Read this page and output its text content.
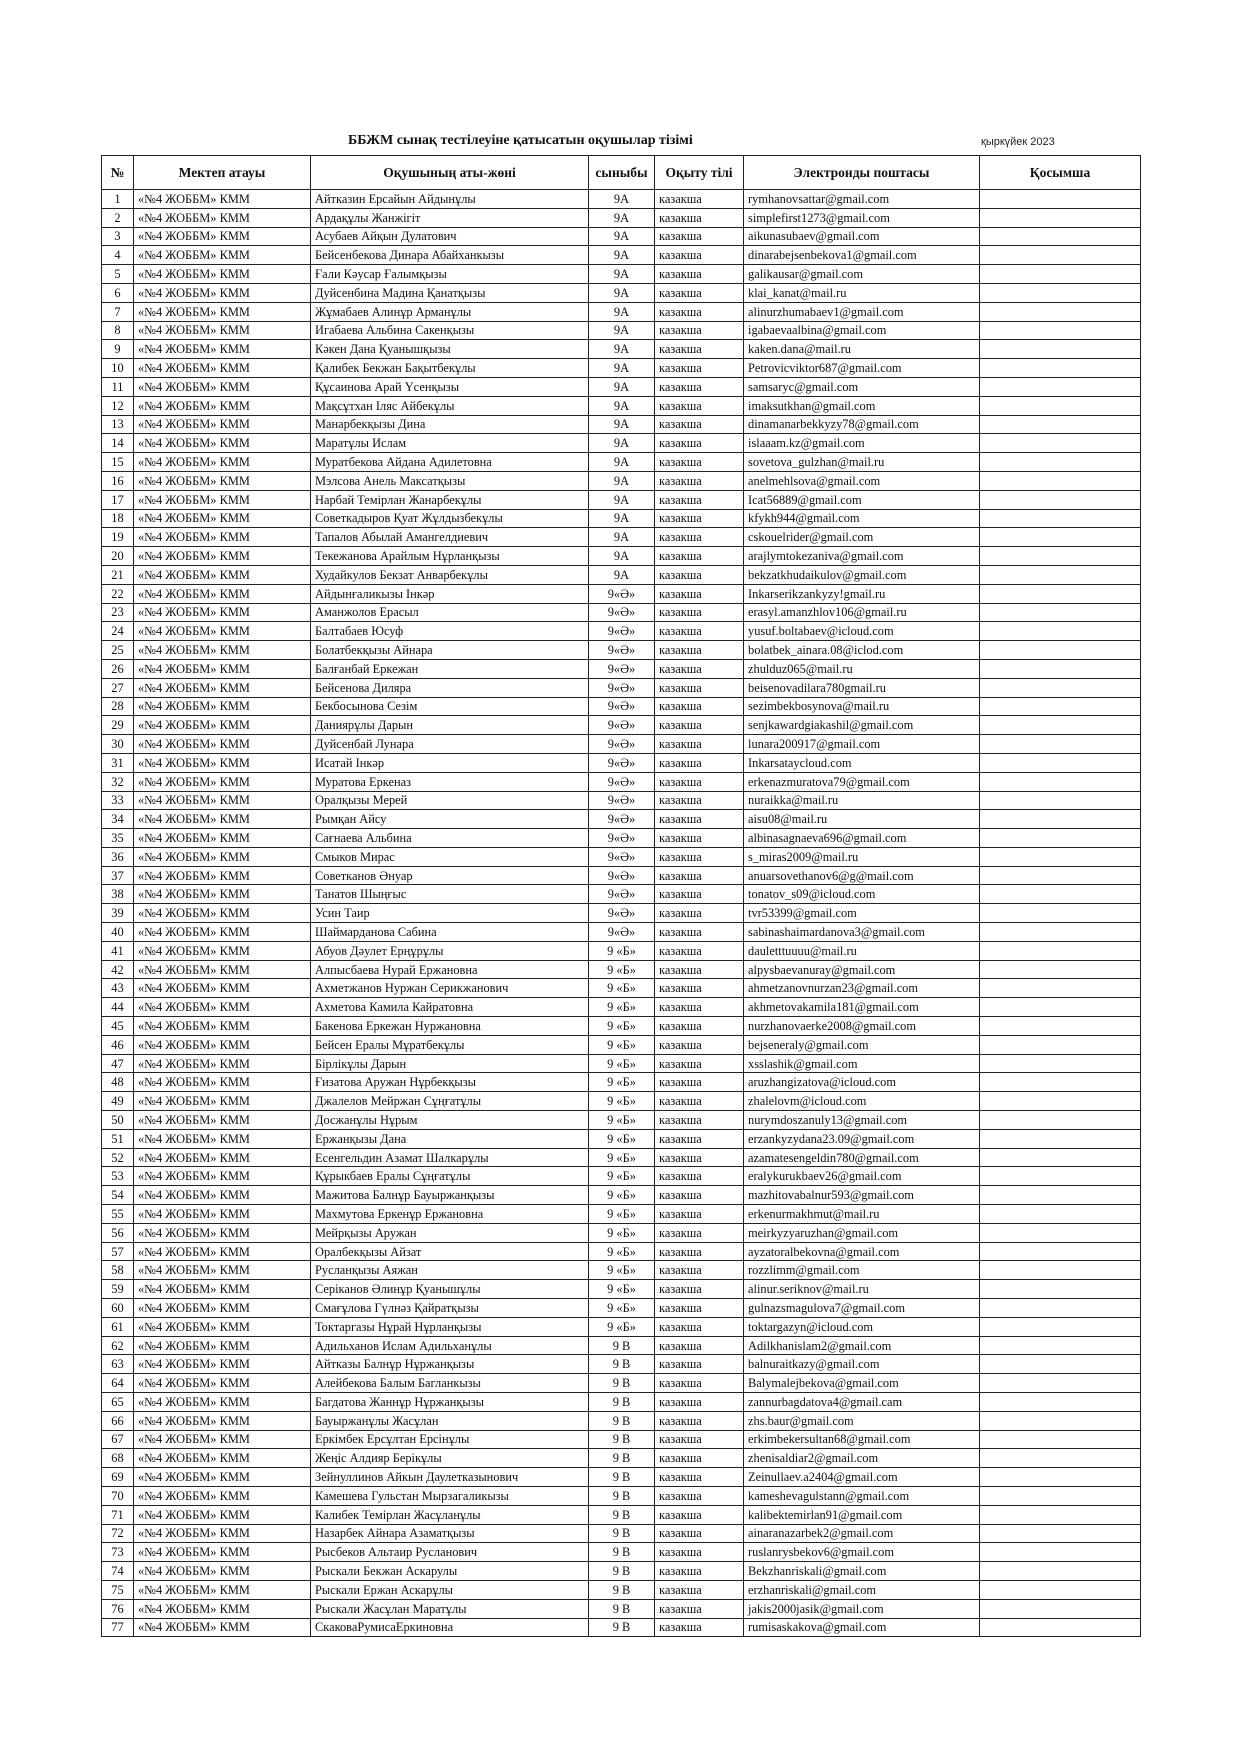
ББЖМ сынақ тестілеуіне қатысатын оқушылар тізімі	қыркүйек 2023
№	Мектеп атауы	Оқушының аты-жөні	сыныбы	Оқыту тілі	Электронды поштасы	Қосымша
1	«№4 ЖОББМ» КММ	Айтказин Ерсайын Айдынұлы	9А	казакша	rymhanovsattar@gmail.com	
2	«№4 ЖОББМ» КММ	Ардақұлы Жанжігіт	9А	казакша	simplefirst1273@gmail.com	
3	«№4 ЖОББМ» КММ	Асубаев Айқын Дулатович	9А	казакша	aikunasubaev@gmail.com	
4	«№4 ЖОББМ» КММ	Бейсенбекова Динара Абайханкызы	9А	казакша	dinarabejsenbekova1@gmail.com	
5	«№4 ЖОББМ» КММ	Ғали Кәусар Ғалымқызы	9А	казакша	galikausar@gmail.com	
6	«№4 ЖОББМ» КММ	Дуйсенбина Мадина Қанатқызы	9А	казакша	klai_kanat@mail.ru	
7	«№4 ЖОББМ» КММ	Жұмабаев Алинұр Арманұлы	9А	казакша	alinurzhumabaev1@gmail.com	
8	«№4 ЖОББМ» КММ	Игабаева Альбина Сакенқызы	9А	казакша	igabaevaalbina@gmail.com	
9	«№4 ЖОББМ» КММ	Кәкен Дана Қуанышқызы	9А	казакша	kaken.dana@mail.ru	
10	«№4 ЖОББМ» КММ	Қалибек Бекжан Бақытбекұлы	9А	казакша	Petrovicviktor687@gmail.com	
11	«№4 ЖОББМ» КММ	Құсаинова Арай Үсенқызы	9А	казакша	samsaryc@gmail.com	
12	«№4 ЖОББМ» КММ	Мақсұтхан Іляс Айбекұлы	9А	казакша	imaksutkhan@gmail.com	
13	«№4 ЖОББМ» КММ	Манарбекқызы Дина	9А	казакша	dinamanarbekkyzy78@gmail.com	
14	«№4 ЖОББМ» КММ	Маратұлы Ислам	9А	казакша	islaaam.kz@gmail.com	
15	«№4 ЖОББМ» КММ	Муратбекова Айдана Адилетовна	9А	казакша	sovetova_gulzhan@mail.ru	
16	«№4 ЖОББМ» КММ	Мэлсова Анель Максатқызы	9А	казакша	anelmehlsova@gmail.com	
17	«№4 ЖОББМ» КММ	Нарбай Темірлан Жанарбекұлы	9А	казакша	Icat56889@gmail.com	
18	«№4 ЖОББМ» КММ	Советкадыров Қуат Жұлдызбекұлы	9А	казакша	kfykh944@gmail.com	
19	«№4 ЖОББМ» КММ	Тапалов Абылай Амангелдиевич	9А	казакша	cskouelrider@gmail.com	
20	«№4 ЖОББМ» КММ	Текежанова Арайлым Нұрланқызы	9А	казакша	arajlymtokezaniva@gmail.com	
21	«№4 ЖОББМ» КММ	Худайкулов Бекзат Анварбекұлы	9А	казакша	bekzatkhudaikulov@gmail.com	
22	«№4 ЖОББМ» КММ	Айдынғаликызы Інкәр	9«Ә»	казакша	Inkarserikzankyzy!gmail.ru	
23	«№4 ЖОББМ» КММ	Аманжолов Ерасыл	9«Ә»	казакша	erasyl.amanzhlov106@gmail.ru	
24	«№4 ЖОББМ» КММ	Балтабаев Юсуф	9«Ә»	казакша	yusuf.boltabaev@icloud.com	
25	«№4 ЖОББМ» КММ	Болатбекқызы Айнара	9«Ә»	казакша	bolatbek_ainara.08@iclod.com	
26	«№4 ЖОББМ» КММ	Балғанбай Еркежан	9«Ә»	казакша	zhulduz065@mail.ru	
27	«№4 ЖОББМ» КММ	Бейсенова Диляра	9«Ә»	казакша	beisenovadilara780gmail.ru	
28	«№4 ЖОББМ» КММ	Бекбосынова Сезім	9«Ә»	казакша	sezimbekbosynova@mail.ru	
29	«№4 ЖОББМ» КММ	Даниярұлы Дарын	9«Ә»	казакша	senjkawardgiakashil@gmail.com	
30	«№4 ЖОББМ» КММ	Дуйсенбай Лунара	9«Ә»	казакша	lunara200917@gmail.com	
31	«№4 ЖОББМ» КММ	Исатай Інкәр	9«Ә»	казакша	Inkarsataycloud.com	
32	«№4 ЖОББМ» КММ	Муратова Еркеназ	9«Ә»	казакша	erkenazmuratova79@gmail.com	
33	«№4 ЖОББМ» КММ	Оралқызы Мерей	9«Ә»	казакша	nuraikka@mail.ru	
34	«№4 ЖОББМ» КММ	Рымқан Айсу	9«Ә»	казакша	aisu08@mail.ru	
35	«№4 ЖОББМ» КММ	Сағнаева Альбина	9«Ә»	казакша	albinasagnaeva696@gmail.com	
36	«№4 ЖОББМ» КММ	Смыков Мирас	9«Ә»	казакша	s_miras2009@mail.ru	
37	«№4 ЖОББМ» КММ	Советканов Әнуар	9«Ә»	казакша	anuarsovethanov6@g@mail.com	
38	«№4 ЖОББМ» КММ	Танатов Шыңғыс	9«Ә»	казакша	tonatov_s09@icloud.com	
39	«№4 ЖОББМ» КММ	Усин Таир	9«Ә»	казакша	tvr53399@gmail.com	
40	«№4 ЖОББМ» КММ	Шаймарданова Сабина	9«Ә»	казакша	sabinashaimardanova3@gmail.com	
41	«№4 ЖОББМ» КММ	Абуов Дәулет Ерңұрұлы	9 «Б»	казакша	dauletttuuuu@mail.ru	
42	«№4 ЖОББМ» КММ	Алпысбаева Нурай Ержановна	9 «Б»	казакша	alpysbaevanuray@gmail.com	
43	«№4 ЖОББМ» КММ	Ахметжанов Нуржан Серикжанович	9 «Б»	казакша	ahmetzanovnurzan23@gmail.com	
44	«№4 ЖОББМ» КММ	Ахметова Камила Кайратовна	9 «Б»	казакша	akhmetovakamila181@gmail.com	
45	«№4 ЖОББМ» КММ	Бакенова Еркежан Нуржановна	9 «Б»	казакша	nurzhanovaerke2008@gmail.com	
46	«№4 ЖОББМ» КММ	Бейсен Ералы Мұратбекұлы	9 «Б»	казакша	bejseneraly@gmail.com	
47	«№4 ЖОББМ» КММ	Бірлікұлы Дарын	9 «Б»	казакша	xsslashik@gmail.com	
48	«№4 ЖОББМ» КММ	Ғизатова Аружан Нұрбекқызы	9 «Б»	казакша	aruzhangizatova@icloud.com	
49	«№4 ЖОББМ» КММ	Джалелов Мейржан Сұңғатұлы	9 «Б»	казакша	zhalelovm@icloud.com	
50	«№4 ЖОББМ» КММ	Досжанұлы Нұрым	9 «Б»	казакша	nurymdoszanuly13@gmail.com	
51	«№4 ЖОББМ» КММ	Ержанқызы Дана	9 «Б»	казакша	erzankyzydana23.09@gmail.com	
52	«№4 ЖОББМ» КММ	Есенгельдин Азамат Шалкарұлы	9 «Б»	казакша	azamatesengeldin780@gmail.com	
53	«№4 ЖОББМ» КММ	Құрыкбаев Ералы Сұңғатұлы	9 «Б»	казакша	eralykurukbaev26@gmail.com	
54	«№4 ЖОББМ» КММ	Мажитова Балнұр Бауыржанқызы	9 «Б»	казакша	mazhitovabalnur593@gmail.com	
55	«№4 ЖОББМ» КММ	Махмутова Еркенұр Ержановна	9 «Б»	казакша	erkenurmakhmut@mail.ru	
56	«№4 ЖОББМ» КММ	Мейрқызы Аружан	9 «Б»	казакша	meirkyzyaruzhan@gmail.com	
57	«№4 ЖОББМ» КММ	Оралбекқызы Айзат	9 «Б»	казакша	ayzatoralbekovna@gmail.com	
58	«№4 ЖОББМ» КММ	Русланқызы Аяжан	9 «Б»	казакша	rozzlimm@gmail.com	
59	«№4 ЖОББМ» КММ	Серіканов Әлинұр Қуанышұлы	9 «Б»	казакша	alinur.seriknov@mail.ru	
60	«№4 ЖОББМ» КММ	Смағұлова Гүлнәз Қайратқызы	9 «Б»	казакша	gulnazsmagulova7@gmail.com	
61	«№4 ЖОББМ» КММ	Токтаргазы Нұрай Нұрланқызы	9 «Б»	казакша	toktargazyn@icloud.com	
62	«№4 ЖОББМ» КММ	Адильханов Ислам Адильханұлы	9 В	казакша	Adilkhanislam2@gmail.com	
63	«№4 ЖОББМ» КММ	Айтказы Балнұр Нұржанқызы	9 В	казакша	balnuraitkazy@gmail.com	
64	«№4 ЖОББМ» КММ	Алейбекова Балым Багланкызы	9 В	казакша	Balymalejbekova@gmail.com	
65	«№4 ЖОББМ» КММ	Багдатова Жаннұр Нұржанқызы	9 В	казакша	zannurbagdatova4@gmail.cam	
66	«№4 ЖОББМ» КММ	Бауыржанұлы Жасұлан	9 В	казакша	zhs.baur@gmail.com	
67	«№4 ЖОББМ» КММ	Еркімбек Ерсұлтан Ерсінұлы	9 В	казакша	erkimbekersultan68@gmail.com	
68	«№4 ЖОББМ» КММ	Жеңіс Алдияр Берікұлы	9 В	казакша	zhenisaldiar2@gmail.com	
69	«№4 ЖОББМ» КММ	Зейнуллинов Айкын Даулетказынович	9 В	казакша	Zeinullaev.a2404@gmail.com	
70	«№4 ЖОББМ» КММ	Камешева Гульстан Мырзагаликызы	9 В	казакша	kameshevagulstann@gmail.com	
71	«№4 ЖОББМ» КММ	Калибек Темірлан Жасұланұлы	9 В	казакша	kalibektemirlan91@gmail.com	
72	«№4 ЖОББМ» КММ	Назарбек Айнара Азаматқызы	9 В	казакша	ainaranazarbek2@gmail.com	
73	«№4 ЖОББМ» КММ	Рысбеков Альтаир Русланович	9 В	казакша	ruslanrysbekov6@gmail.com	
74	«№4 ЖОББМ» КММ	Рыскали Бекжан Аскарулы	9 В	казакша	Bekzhanriskali@gmail.com	
75	«№4 ЖОББМ» КММ	Рыскали Ержан Аскарұлы	9 В	казакша	erzhanriskali@gmail.com	
76	«№4 ЖОББМ» КММ	Рыскали Жасұлан Маратұлы	9 В	казакша	jakis2000jasik@gmail.com	
77	«№4 ЖОББМ» КММ	СкаковаРумисаЕркиновна	9 В	казакша	rumisaskakova@gmail.com	
